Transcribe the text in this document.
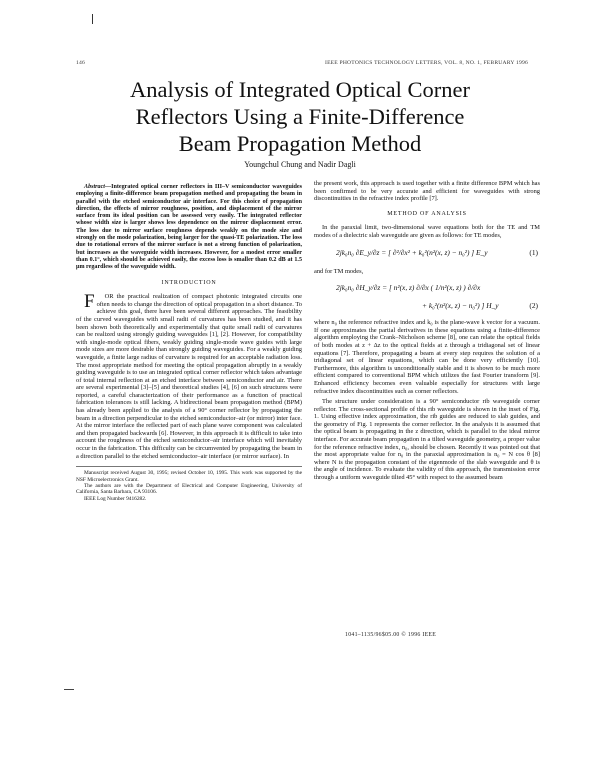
146	IEEE PHOTONICS TECHNOLOGY LETTERS, VOL. 8, NO. 1, FEBRUARY 1996
Analysis of Integrated Optical Corner
Reflectors Using a Finite-Difference
Beam Propagation Method
Youngchul Chung and Nadir Dagli

Abstract—Integrated optical corner reflectors in III–V semiconductor waveguides employing a finite-difference beam propagation method and propagating the beam in parallel with the etched semiconductor air interface. For this choice of propagation direction, the effects of mirror roughness, position, and displacement of the mirror surface from its ideal position can be assessed very easily. The integrated reflector whose width size is larger shows less dependence on the mirror displacement error. The loss due to mirror surface roughness depends weakly on the mode size and strongly on the mode polarization, being larger for the quasi-TE polarization. The loss due to rotational errors of the mirror surface is not a strong function of polarization, but increases as the waveguide width increases. However, for a modest error smaller than 0.1°, which should be achieved easily, the excess loss is smaller than 0.2 dB at 1.5 μm regardless of the waveguide width.

INTRODUCTION

F OR the practical realization of compact photonic integrated circuits one often needs to change the direction of optical propagation in a short distance. To achieve this goal, there have been several different approaches. The feasibility of the curved waveguides with small radii of curvatures has been studied, and it has been shown both theoretically and experimentally that quite small radii of curvatures can be realized using strongly guiding waveguides [1], [2]. However, for compatibility with single-mode optical fibers, weakly guiding single-mode wave guides with large mode sizes are more desirable than strongly guiding waveguides. For a weakly guiding waveguide, a finite large radius of curvature is required for an acceptable radiation loss. The most appropriate method for meeting the optical propagation abruptly in a weakly guiding waveguide is to use an integrated optical corner reflector which takes advantage of total internal reflection at an etched interface between semiconductor and air. There are several experimental [3]–[5] and theoretical studies [4], [6] on such structures were reported, a careful characterization of their performance as a function of practical fabrication tolerances is still lacking. A bidirectional beam propagation method (BPM) has already been applied to the analysis of a 90° corner reflector by propagating the beam in a direction perpendicular to the etched semiconductor–air (or mirror) inter face. At the mirror interface the reflected part of each plane wave component was calculated and then propagated backwards [6]. However, in this approach it is difficult to take into account the roughness of the etched semiconductor–air interface which will inevitably occur in the fabrication. This difficulty can be circumvented by propagating the beam in a direction parallel to the etched semiconductor–air interface (or mirror surface). In

Manuscript received August 30, 1995; revised October 10, 1995. This work was supported by the NSF Microelectronics Grant.
The authors are with the Department of Electrical and Computer Engineering, University of California, Santa Barbara, CA 93106.
IEEE Log Number 9416282.

the present work, this approach is used together with a finite difference BPM which has been confirmed to be very accurate and efficient for waveguides with strong discontinuities in the refractive index profile [7].

METHOD OF ANALYSIS

In the paraxial limit, two-dimensional wave equations both for the TE and TM modes of a dielectric slab waveguide are given as follows: for TE modes,

2jk₀n₀ ∂E_y/∂z = [ ∂²/∂x² + k₀²(n²(x, z) − n₀²) ] E_y	(1)

and for TM modes,

2jk₀n₀ ∂H_y/∂z = [ n²(x, z) ∂/∂x ( 1/n²(x, z) ) ∂/∂x
+ k₀²(n²(x, z) − n₀²) ] H_y	(2)

where n₀ the reference refractive index and k₀ is the plane-wave k vector for a vacuum. If one approximates the partial derivatives in these equations using a finite-difference algorithm employing the Crank–Nicholson scheme [8], one can relate the optical fields of both modes at z + Δz to the optical fields at z through a tridiagonal set of linear equations [7]. Therefore, propagating a beam at every step requires the solution of a tridiagonal set of linear equations, which can be done very efficiently [10]. Furthermore, this algorithm is unconditionally stable and it is shown to be much more efficient compared to conventional BPM which utilizes the fast Fourier transform [9]. Enhanced efficiency becomes even valuable especially for structures with large refractive index discontinuities such as corner reflectors.

The structure under consideration is a 90° semiconductor rib waveguide corner reflector. The cross-sectional profile of this rib waveguide is shown in the inset of Fig. 1. Using effective index approximation, the rib guides are reduced to slab guides, and the geometry of Fig. 1 represents the corner reflector. In the analysis it is assumed that the optical beam is propagating in the z direction, which is parallel to the ideal mirror interface. For accurate beam propagation in a tilted waveguide geometry, a proper value for the reference refractive index, n₀, should be chosen. Recently it was pointed out that the most appropriate value for n₀ in the paraxial approximation is n₀ = N cos θ [8] where N is the propagation constant of the eigenmode of the slab waveguide and θ is the angle of incidence. To evaluate the validity of this approach, the transmission error through a uniform waveguide tilted 45° with respect to the assumed beam

1041–1135/96$05.00 © 1996 IEEE
